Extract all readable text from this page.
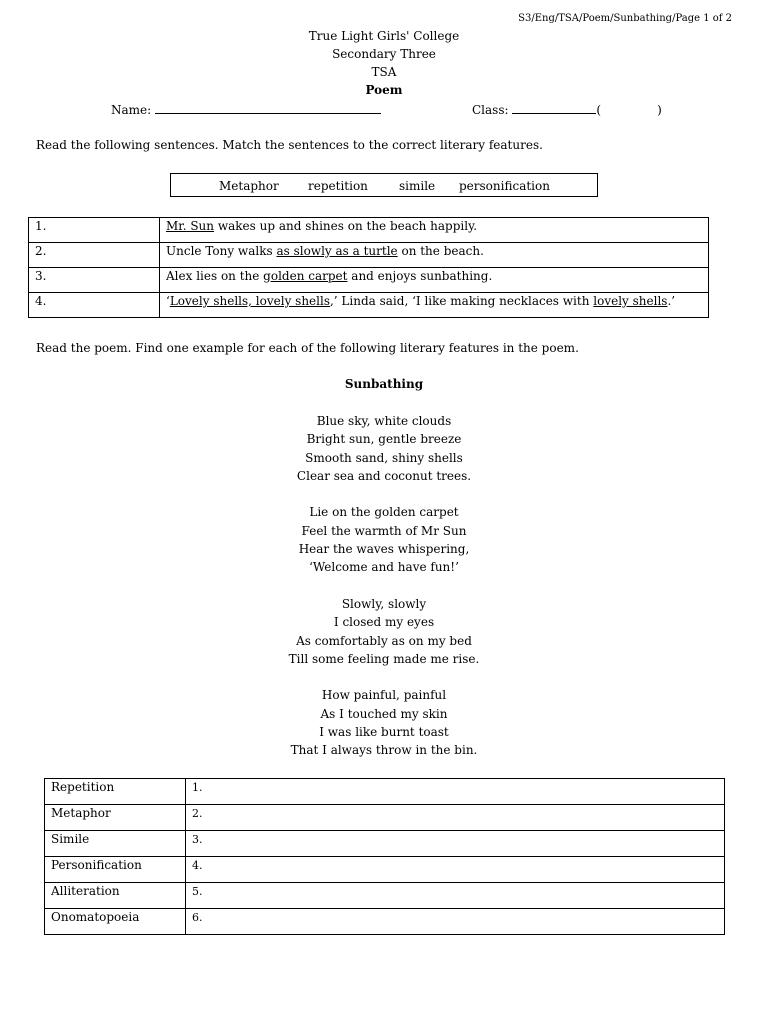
S3/Eng/TSA/Poem/Sunbathing/Page 1 of 2
True Light Girls' College
Secondary Three
TSA
Poem
Name:	Class:	(	)
Read the following sentences. Match the sentences to the correct literary features.
Metaphor repetition	simile personification
1.	Mr. Sun wakes up and shines on the beach happily.
2.	Uncle Tony walks as slowly as a turtle on the beach.
3.	Alex lies on the golden carpet and enjoys sunbathing.
4.	‘Lovely shells, lovely shells,’ Linda said, ‘I like making necklaces with lovely shells.’
Read the poem. Find one example for each of the following literary features in the poem.
Sunbathing
Blue sky, white clouds
Bright sun, gentle breeze
Smooth sand, shiny shells
Clear sea and coconut trees.
Lie on the golden carpet
Feel the warmth of Mr Sun
Hear the waves whispering,
‘Welcome and have fun!’
Slowly, slowly
I closed my eyes
As comfortably as on my bed
Till some feeling made me rise.
How painful, painful
As I touched my skin
I was like burnt toast
That I always throw in the bin.
Repetition	1.
Metaphor	2.
Simile	3.
Personification	4.
Alliteration	5.
Onomatopoeia	6.
